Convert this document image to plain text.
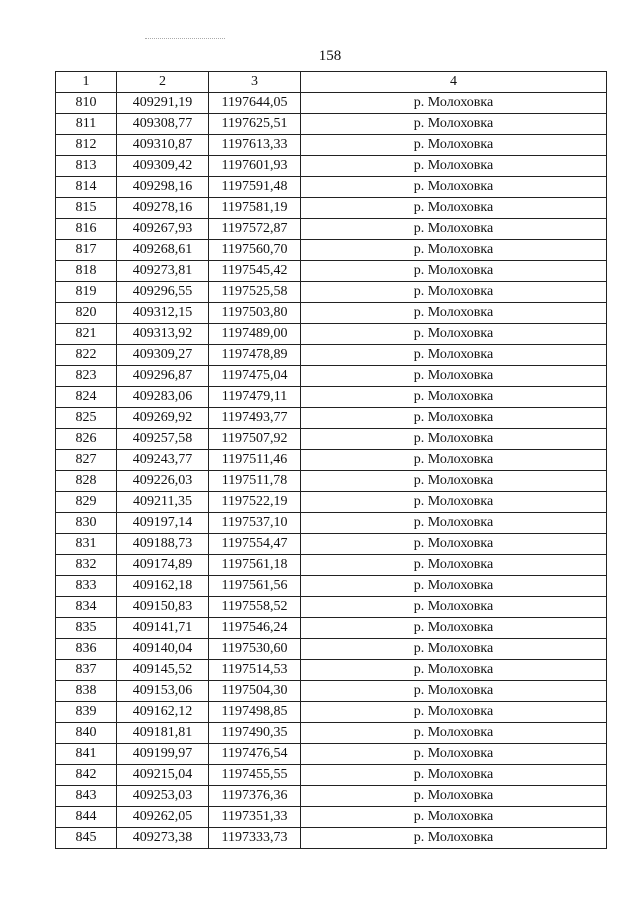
158
1	2	3	4
810	409291,19	1197644,05	р. Молоховка
811	409308,77	1197625,51	р. Молоховка
812	409310,87	1197613,33	р. Молоховка
813	409309,42	1197601,93	р. Молоховка
814	409298,16	1197591,48	р. Молоховка
815	409278,16	1197581,19	р. Молоховка
816	409267,93	1197572,87	р. Молоховка
817	409268,61	1197560,70	р. Молоховка
818	409273,81	1197545,42	р. Молоховка
819	409296,55	1197525,58	р. Молоховка
820	409312,15	1197503,80	р. Молоховка
821	409313,92	1197489,00	р. Молоховка
822	409309,27	1197478,89	р. Молоховка
823	409296,87	1197475,04	р. Молоховка
824	409283,06	1197479,11	р. Молоховка
825	409269,92	1197493,77	р. Молоховка
826	409257,58	1197507,92	р. Молоховка
827	409243,77	1197511,46	р. Молоховка
828	409226,03	1197511,78	р. Молоховка
829	409211,35	1197522,19	р. Молоховка
830	409197,14	1197537,10	р. Молоховка
831	409188,73	1197554,47	р. Молоховка
832	409174,89	1197561,18	р. Молоховка
833	409162,18	1197561,56	р. Молоховка
834	409150,83	1197558,52	р. Молоховка
835	409141,71	1197546,24	р. Молоховка
836	409140,04	1197530,60	р. Молоховка
837	409145,52	1197514,53	р. Молоховка
838	409153,06	1197504,30	р. Молоховка
839	409162,12	1197498,85	р. Молоховка
840	409181,81	1197490,35	р. Молоховка
841	409199,97	1197476,54	р. Молоховка
842	409215,04	1197455,55	р. Молоховка
843	409253,03	1197376,36	р. Молоховка
844	409262,05	1197351,33	р. Молоховка
845	409273,38	1197333,73	р. Молоховка
